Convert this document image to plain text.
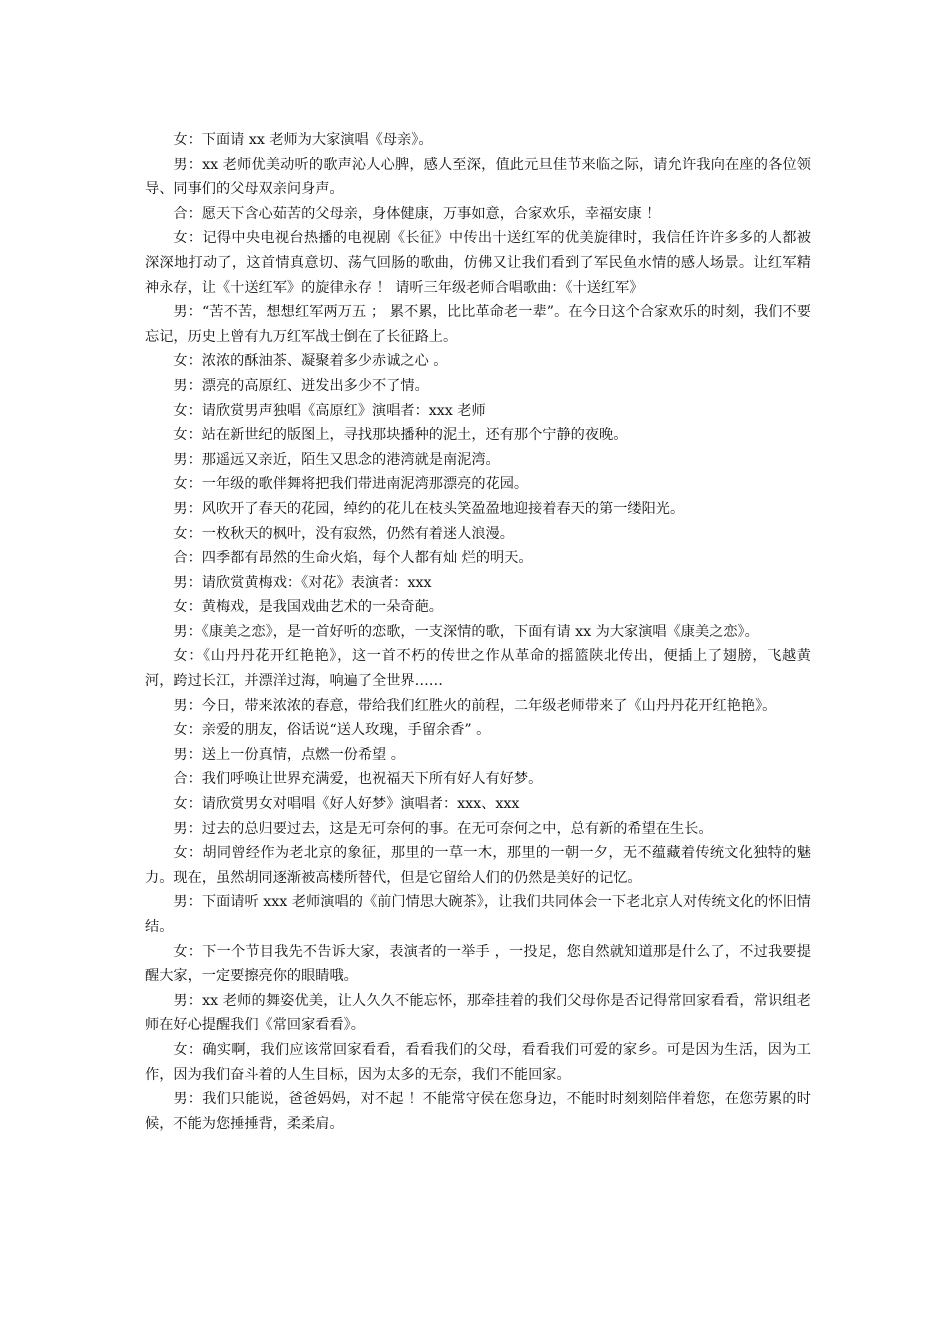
女：下面请 xx 老师为大家演唱《母亲》。

男：xx 老师优美动听的歌声沁人心脾，感人至深，值此元旦佳节来临之际，请允许我向在座的各位领导、同事们的父母双亲问身声。

合：愿天下含心茹苦的父母亲，身体健康，万事如意，合家欢乐，幸福安康 ！

女：记得中央电视台热播的电视剧《长征》中传出十送红军的优美旋律时，我信任许许多多的人都被深深地打动了，这首情真意切、荡气回肠的歌曲，仿佛又让我们看到了军民鱼水情的感人场景。让红军精神永存，让《十送红军》的旋律永存 ！ 请听三年级老师合唱歌曲：《十送红军》

男：“苦不苦，想想红军两万五 ； 累不累，比比革命老一辈”。在今日这个合家欢乐的时刻，我们不要忘记，历史上曾有九万红军战士倒在了长征路上。

女：浓浓的酥油茶、凝聚着多少赤诚之心 。

男：漂亮的高原红、迸发出多少不了情。

女：请欣赏男声独唱《高原红》演唱者：xxx 老师

女：站在新世纪的版图上，寻找那块播种的泥土，还有那个宁静的夜晚。

男：那遥远又亲近，陌生又思念的港湾就是南泥湾。

女：一年级的歌伴舞将把我们带进南泥湾那漂亮的花园。

男：风吹开了春天的花园，绰约的花儿在枝头笑盈盈地迎接着春天的第一缕阳光。

女：一枚秋天的枫叶，没有寂然，仍然有着迷人浪漫。

合：四季都有昂然的生命火焰，每个人都有灿 烂的明天。

男：请欣赏黄梅戏：《对花》表演者：xxx

女：黄梅戏，是我国戏曲艺术的一朵奇葩。

男：《康美之恋》，是一首好听的恋歌，一支深情的歌，下面有请 xx 为大家演唱《康美之恋》。

女：《山丹丹花开红艳艳》，这一首不朽的传世之作从革命的摇篮陕北传出，便插上了翅膀，飞越黄河，跨过长江，并漂洋过海，响遍了全世界……

男：今日，带来浓浓的春意，带给我们红胜火的前程，二年级老师带来了《山丹丹花开红艳艳》。

女：亲爱的朋友，俗话说“送人玫瑰，手留余香” 。

男：送上一份真情，点燃一份希望 。

合：我们呼唤让世界充满爱，也祝福天下所有好人有好梦。

女：请欣赏男女对唱唱《好人好梦》演唱者：xxx、xxx

男：过去的总归要过去，这是无可奈何的事。在无可奈何之中，总有新的希望在生长。

女：胡同曾经作为老北京的象征，那里的一草一木，那里的一朝一夕，无不蕴藏着传统文化独特的魅力。现在，虽然胡同逐渐被高楼所替代，但是它留给人们的仍然是美好的记忆。

男：下面请听 xxx 老师演唱的《前门情思大碗茶》，让我们共同体会一下老北京人对传统文化的怀旧情结。

女：下一个节目我先不告诉大家，表演者的一举手 ，一投足，您自然就知道那是什么了，不过我要提醒大家，一定要擦亮你的眼睛哦。

男：xx 老师的舞姿优美，让人久久不能忘怀，那牵挂着的我们父母你是否记得常回家看看，常识组老师在好心提醒我们《常回家看看》。

女：确实啊，我们应该常回家看看，看看我们的父母，看看我们可爱的家乡。可是因为生活，因为工作，因为我们奋斗着的人生目标，因为太多的无奈，我们不能回家。

男：我们只能说，爸爸妈妈，对不起 ！不能常守侯在您身边，不能时时刻刻陪伴着您，在您劳累的时候，不能为您捶捶背，柔柔肩。
